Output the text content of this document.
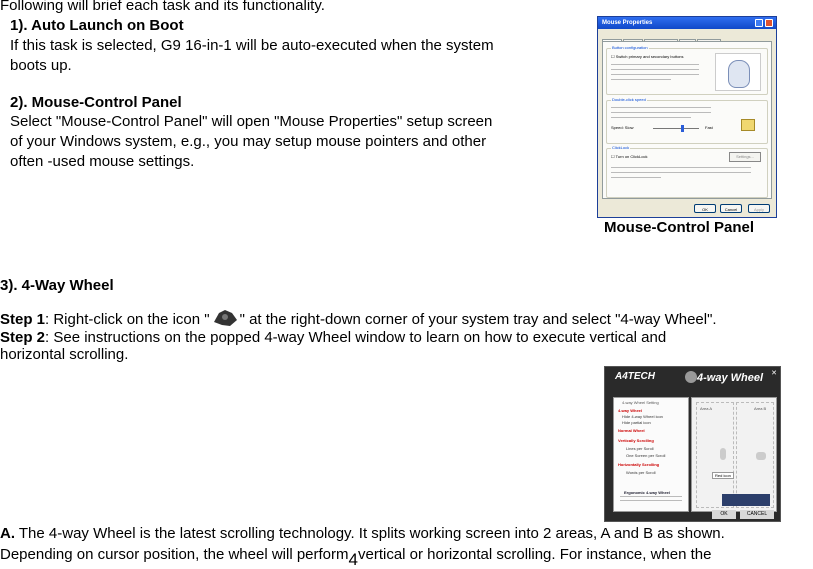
Following will brief each task and its functionality.
1). Auto Launch on Boot
If this task is selected, G9 16-in-1 will be auto-executed when the system
boots up.
2). Mouse-Control Panel
Select "Mouse-Control Panel" will open "Mouse Properties" setup screen
of your Windows system, e.g., you may setup mouse pointers and other
often -used mouse settings.
Mouse Properties
Button configuration
☐ Switch primary and secondary buttons
Double-click speed
Speed: Slow	Fast
ClickLock
☐ Turn on ClickLock	Settings...
OK	Cancel	Apply
Mouse-Control Panel
3). 4-Way Wheel
Step 1: Right-click on the icon " " at the right-down corner of your system tray and select "4-way Wheel".
Step 2: See instructions on the popped 4-way Wheel window to learn on how to execute vertical and
horizontal scrolling.
A4TECH	4-way Wheel ✕
4-way Wheel Setting
4-way Wheel
Hide 4-way Wheel icon
Hide partial icon
Normal Wheel
Vertically Scrolling
Lines per Scroll
One Screen per Scroll
Horizontally Scrolling
Words per Scroll
Ergonomic 4-way Wheel
Area A	Area B
Red icon
OK	CANCEL
A. The 4-way Wheel is the latest scrolling technology. It splits working screen into 2 areas, A and B as shown.
Depending on cursor position, the wheel will perform4vertical or horizontal scrolling. For instance, when the
